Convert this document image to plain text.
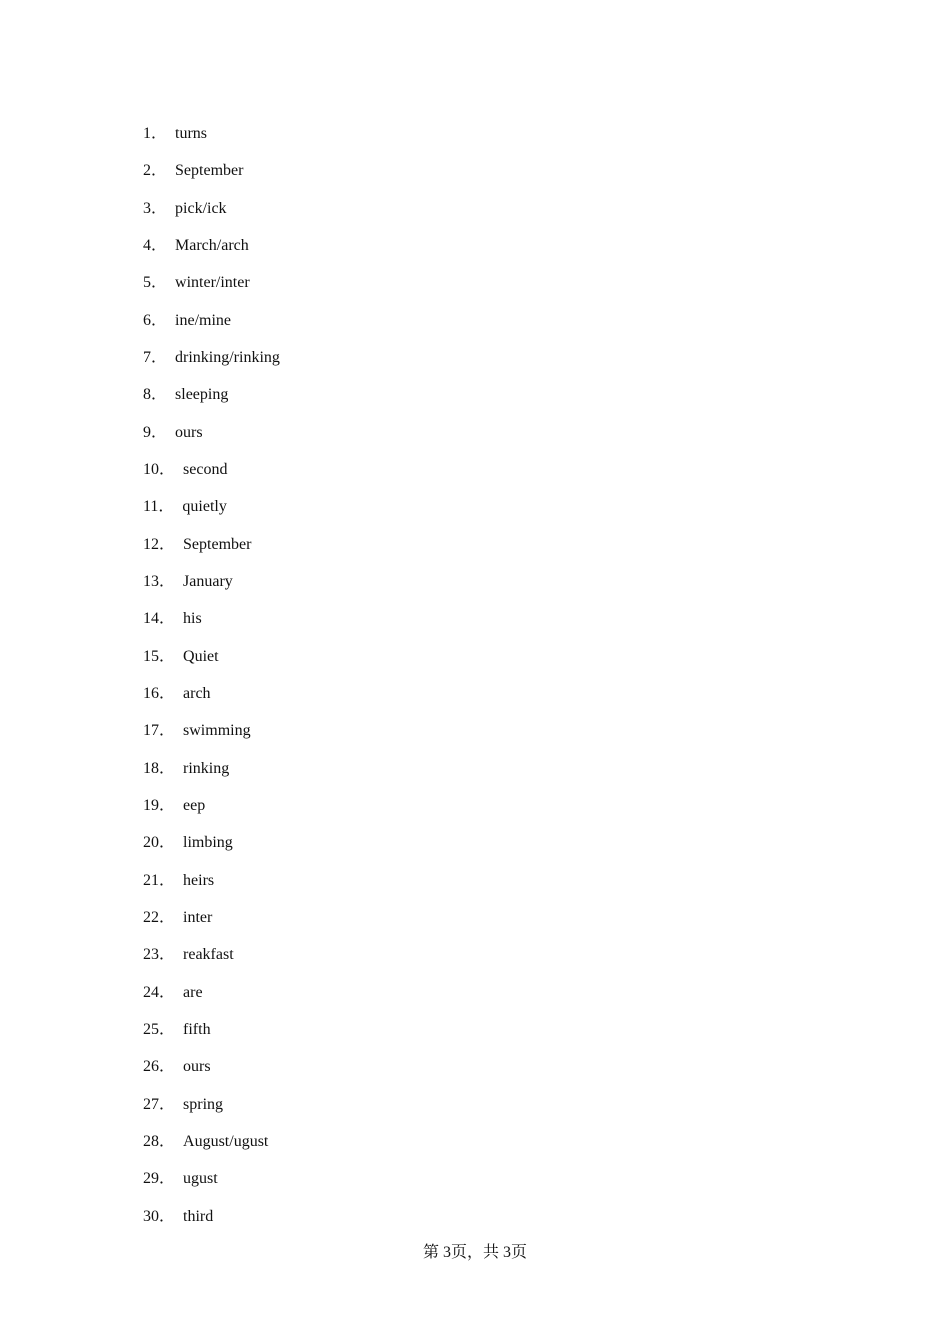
1． turns
2． September
3． pick/ick
4． March/arch
5． winter/inter
6． ine/mine
7． drinking/rinking
8． sleeping
9． ours
10． second
11． quietly
12． September
13． January
14． his
15． Quiet
16． arch
17． swimming
18． rinking
19． eep
20． limbing
21． heirs
22． inter
23． reakfast
24． are
25． fifth
26． ours
27． spring
28． August/ugust
29． ugust
30． third
第 3页，共 3页
